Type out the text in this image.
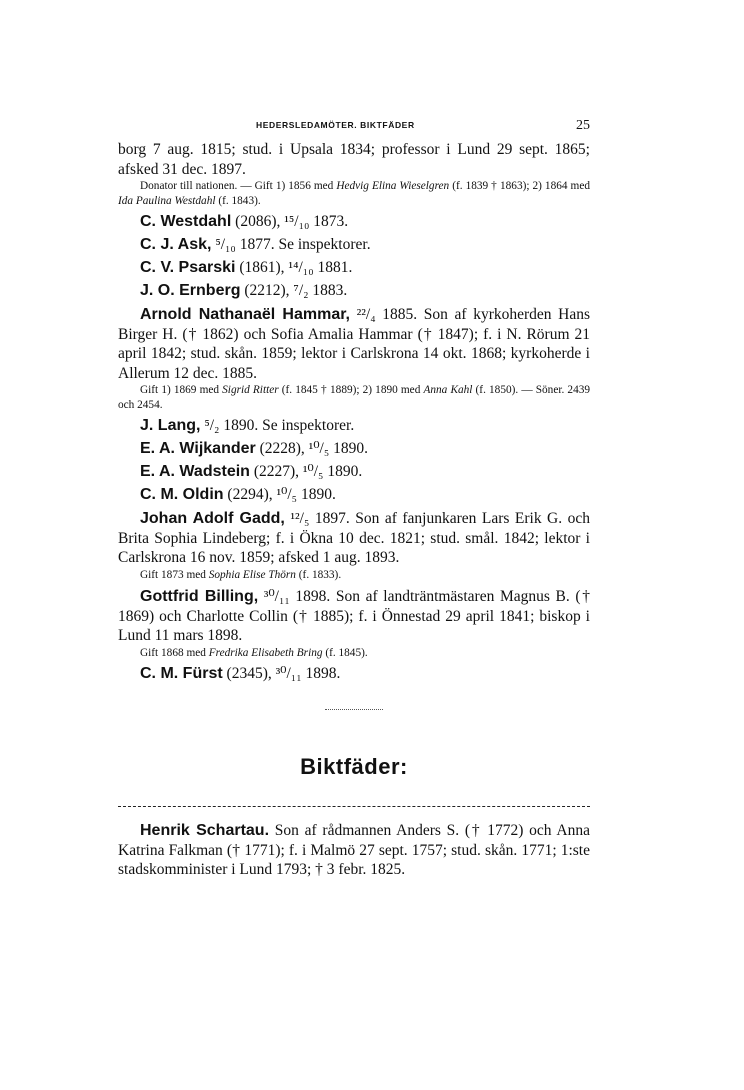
HEDERSLEDAMÖTER. BIKTFÄDER	25

borg 7 aug. 1815; stud. i Upsala 1834; professor i Lund 29 sept. 1865; afsked 31 dec. 1897.

Donator till nationen. — Gift 1) 1856 med Hedvig Elina Wieselgren (f. 1839 † 1863); 2) 1864 med Ida Paulina Westdahl (f. 1843).

C. Westdahl (2086), ¹⁵/₁₀ 1873.
C. J. Ask, ⁵/₁₀ 1877. Se inspektorer.
C. V. Psarski (1861), ¹⁴/₁₀ 1881.
J. O. Ernberg (2212), ⁷/₂ 1883.

Arnold Nathanaël Hammar, ²²/₄ 1885. Son af kyrkoherden Hans Birger H. († 1862) och Sofia Amalia Hammar († 1847); f. i N. Rörum 21 april 1842; stud. skån. 1859; lektor i Carlskrona 14 okt. 1868; kyrkoherde i Allerum 12 dec. 1885.

Gift 1) 1869 med Sigrid Ritter (f. 1845 † 1889); 2) 1890 med Anna Kahl (f. 1850). — Söner. 2439 och 2454.

J. Lang, ⁵/₂ 1890. Se inspektorer.
E. A. Wijkander (2228), ¹⁰/₅ 1890.
E. A. Wadstein (2227), ¹⁰/₅ 1890.
C. M. Oldin (2294), ¹⁰/₅ 1890.

Johan Adolf Gadd, ¹²/₅ 1897. Son af fanjunkaren Lars Erik G. och Brita Sophia Lindeberg; f. i Ökna 10 dec. 1821; stud. smål. 1842; lektor i Carlskrona 16 nov. 1859; afsked 1 aug. 1893.

Gift 1873 med Sophia Elise Thörn (f. 1833).

Gottfrid Billing, ³⁰/₁₁ 1898. Son af landträntmästaren Magnus B. († 1869) och Charlotte Collin († 1885); f. i Önnestad 29 april 1841; biskop i Lund 11 mars 1898.

Gift 1868 med Fredrika Elisabeth Bring (f. 1845).

C. M. Fürst (2345), ³⁰/₁₁ 1898.
Biktfäder:

Henrik Schartau. Son af rådmannen Anders S. († 1772) och Anna Katrina Falkman († 1771); f. i Malmö 27 sept. 1757; stud. skån. 1771; 1:ste stadskomminister i Lund 1793; † 3 febr. 1825.
